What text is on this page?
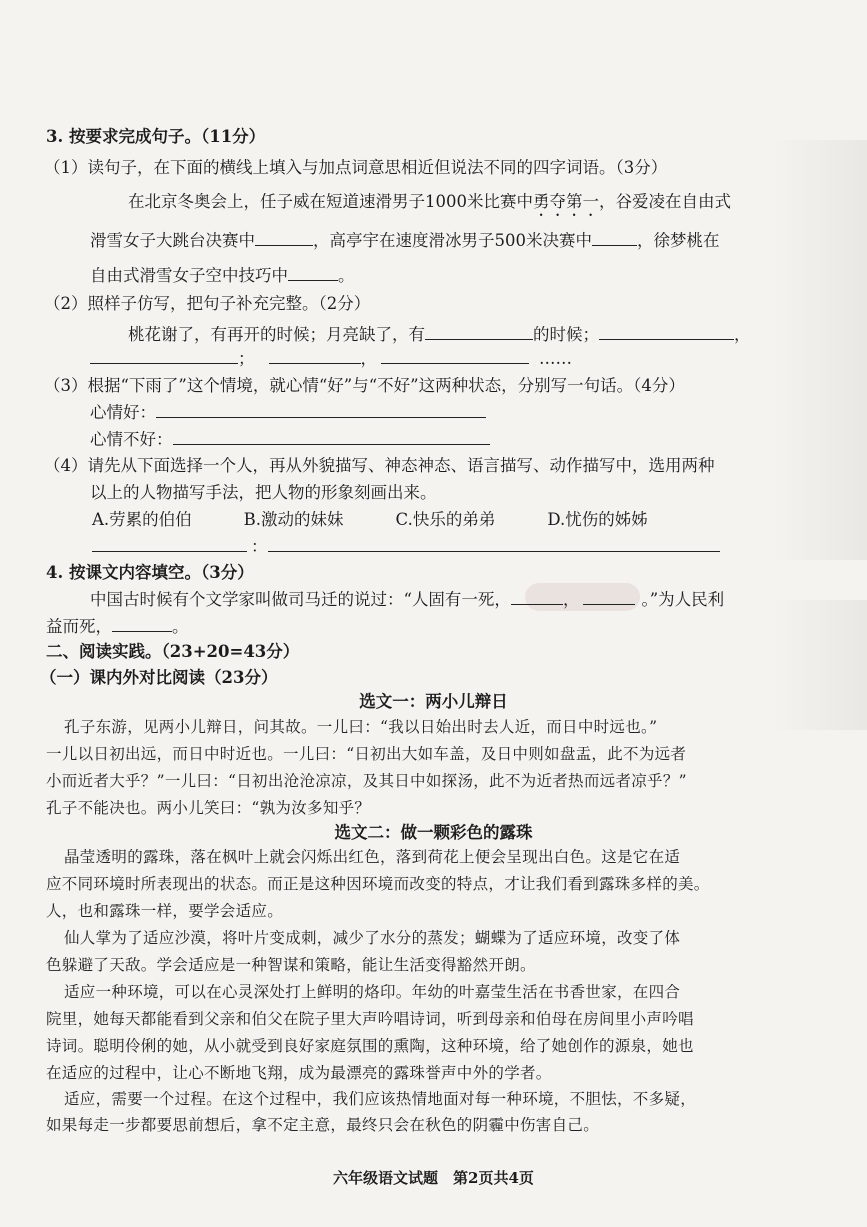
3. 按要求完成句子。（11分）
（1）读句子，在下面的横线上填入与加点词意思相近但说法不同的四字词语。（3分）
在北京冬奥会上，任子威在短道速滑男子1000米比赛中勇夺第一，谷爱凌在自由式
滑雪女子大跳台决赛中	，高亭宇在速度滑冰男子500米决赛中	，徐梦桃在
自由式滑雪女子空中技巧中	。
（2）照样子仿写，把句子补充完整。（2分）
桃花谢了，有再开的时候；月亮缺了，有	的时候；	，
；	，	……
（3）根据“下雨了”这个情境，就心情“好”与“不好”这两种状态，分别写一句话。（4分）
心情好：
心情不好：
（4）请先从下面选择一个人，再从外貌描写、神态神态、语言描写、动作描写中，选用两种
以上的人物描写手法，把人物的形象刻画出来。
A.劳累的伯伯	B.激动的妹妹	C.快乐的弟弟	D.忧伤的姊姊
：
4. 按课文内容填空。（3分）
中国古时候有个文学家叫做司马迁的说过：“人固有一死，	，	。”为人民利
益而死，	。
二、阅读实践。（23+20=43分）
（一）课内外对比阅读（23分）
选文一：两小儿辩日
孔子东游，见两小儿辩日，问其故。一儿曰：“我以日始出时去人近，而日中时远也。”
一儿以日初出远，而日中时近也。一儿曰：“日初出大如车盖，及日中则如盘盂，此不为远者
小而近者大乎？”一儿曰：“日初出沧沧凉凉，及其日中如探汤，此不为近者热而远者凉乎？”
孔子不能决也。两小儿笑曰：“孰为汝多知乎？
选文二：做一颗彩色的露珠
晶莹透明的露珠，落在枫叶上就会闪烁出红色，落到荷花上便会呈现出白色。这是它在适
应不同环境时所表现出的状态。而正是这种因环境而改变的特点，才让我们看到露珠多样的美。
人，也和露珠一样，要学会适应。
仙人掌为了适应沙漠，将叶片变成刺，减少了水分的蒸发；蝴蝶为了适应环境，改变了体
色躲避了天敌。学会适应是一种智谋和策略，能让生活变得豁然开朗。
适应一种环境，可以在心灵深处打上鲜明的烙印。年幼的叶嘉莹生活在书香世家，在四合
院里，她每天都能看到父亲和伯父在院子里大声吟唱诗词，听到母亲和伯母在房间里小声吟唱
诗词。聪明伶俐的她，从小就受到良好家庭氛围的熏陶，这种环境，给了她创作的源泉，她也
在适应的过程中，让心不断地飞翔，成为最漂亮的露珠誉声中外的学者。
适应，需要一个过程。在这个过程中，我们应该热情地面对每一种环境，不胆怯，不多疑，
如果每走一步都要思前想后，拿不定主意，最终只会在秋色的阴霾中伤害自己。
六年级语文试题　第2页共4页
